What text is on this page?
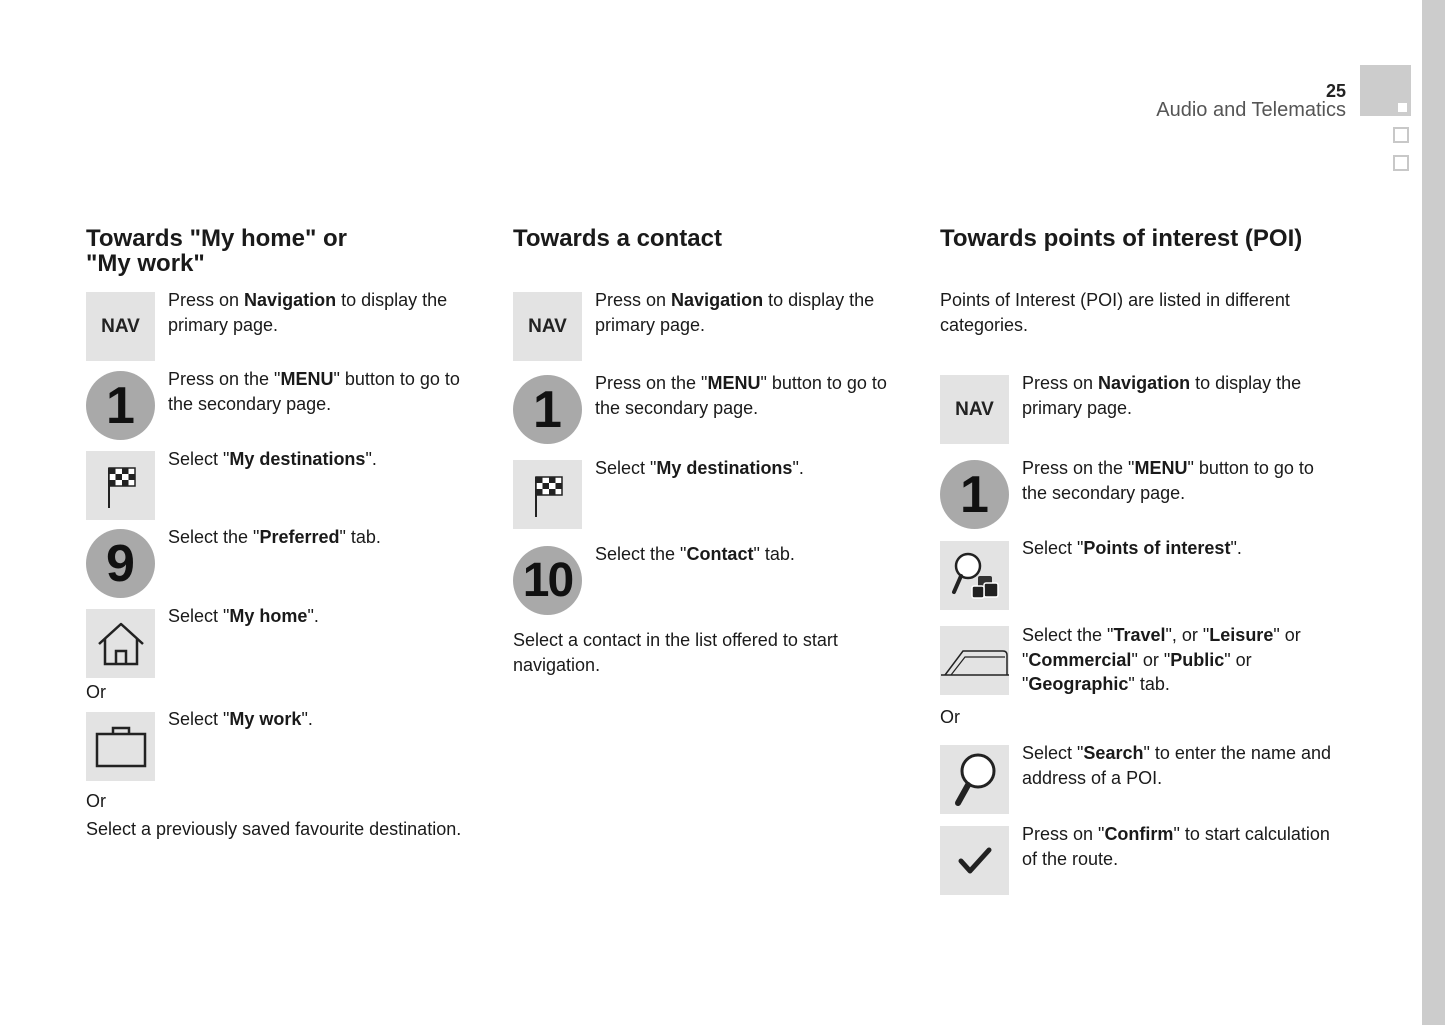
25
Audio and Telematics
Towards "My home" or
"My work"
NAV
Press on Navigation to display the primary page.
1 Press on the "MENU" button to go to the secondary page.
Select "My destinations".
9 Select the "Preferred" tab.
Select "My home".
Or
Select "My work".
Or
Select a previously saved favourite destination.
Towards a contact
NAV
Press on Navigation to display the primary page.
1 Press on the "MENU" button to go to the secondary page.
Select "My destinations".
10 Select the "Contact" tab.
Select a contact in the list offered to start navigation.
Towards points of interest (POI)
Points of Interest (POI) are listed in different categories.
NAV
Press on Navigation to display the primary page.
1 Press on the "MENU" button to go to the secondary page.
Select "Points of interest".
Select the "Travel", or "Leisure" or "Commercial" or "Public" or "Geographic" tab.
Or
Select "Search" to enter the name and address of a POI.
Press on "Confirm" to start calculation of the route.
